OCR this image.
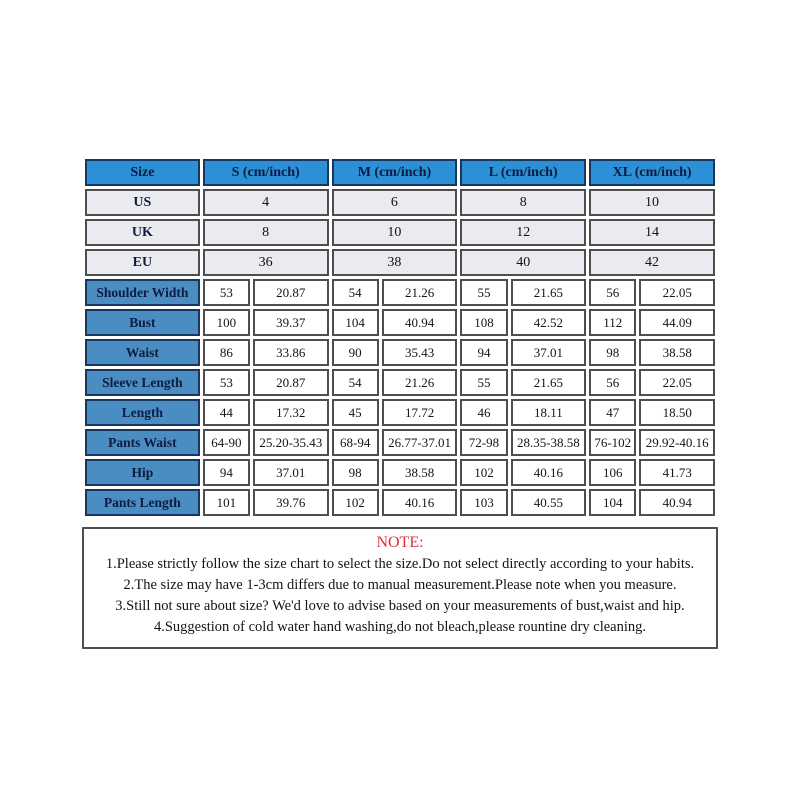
Size	S (cm/inch)		M (cm/inch)		L (cm/inch)		XL (cm/inch)	
US	4		6		8		10	
UK	8		10		12		14	
EU	36		38		40		42	
Shoulder Width	53	20.87	54	21.26	55	21.65	56	22.05
Bust	100	39.37	104	40.94	108	42.52	112	44.09
Waist	86	33.86	90	35.43	94	37.01	98	38.58
Sleeve Length	53	20.87	54	21.26	55	21.65	56	22.05
Length	44	17.32	45	17.72	46	18.11	47	18.50
Pants Waist	64-90	25.20-35.43	68-94	26.77-37.01	72-98	28.35-38.58	76-102	29.92-40.16
Hip	94	37.01	98	38.58	102	40.16	106	41.73
Pants Length	101	39.76	102	40.16	103	40.55	104	40.94
NOTE:
1.Please strictly follow the size chart to select the size.Do not select directly according to your habits.
2.The size may have 1-3cm differs due to manual measurement.Please note when you measure.
3.Still not sure about size? We'd love to advise based on your measurements of bust,waist and hip.
4.Suggestion of cold water hand washing,do not bleach,please rountine dry cleaning.
